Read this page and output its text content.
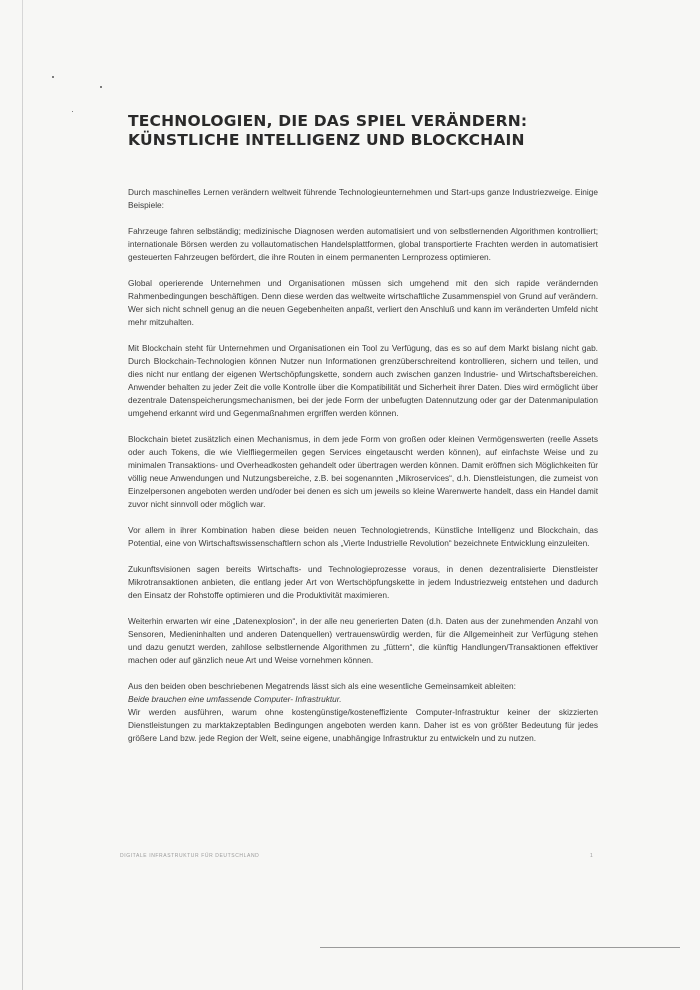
TECHNOLOGIEN, DIE DAS SPIEL VERÄNDERN:
KÜNSTLICHE INTELLIGENZ UND BLOCKCHAIN

Durch maschinelles Lernen verändern weltweit führende Technologieunternehmen und Start-ups ganze Industriezweige. Einige Beispiele:

Fahrzeuge fahren selbständig; medizinische Diagnosen werden automatisiert und von selbstlernenden Algorithmen kontrolliert; internationale Börsen werden zu vollautomatischen Handelsplattformen, global transportierte Frachten werden in automatisiert gesteuerten Fahrzeugen befördert, die ihre Routen in einem permanenten Lernprozess optimieren.

Global operierende Unternehmen und Organisationen müssen sich umgehend mit den sich rapide verändernden Rahmenbedingungen beschäftigen. Denn diese werden das weltweite wirtschaftliche Zusammenspiel von Grund auf verändern. Wer sich nicht schnell genug an die neuen Gegebenheiten anpaßt, verliert den Anschluß und kann im veränderten Umfeld nicht mehr mitzuhalten.

Mit Blockchain steht für Unternehmen und Organisationen ein Tool zu Verfügung, das es so auf dem Markt bislang nicht gab. Durch Blockchain-Technologien können Nutzer nun Informationen grenzüberschreitend kontrollieren, sichern und teilen, und dies nicht nur entlang der eigenen Wertschöpfungskette, sondern auch zwischen ganzen Industrie- und Wirtschaftsbereichen. Anwender behalten zu jeder Zeit die volle Kontrolle über die Kompatibilität und Sicherheit ihrer Daten. Dies wird ermöglicht über dezentrale Datenspeicherungsmechanismen, bei der jede Form der unbefugten Datennutzung oder gar der Datenmanipulation umgehend erkannt wird und Gegenmaßnahmen ergriffen werden können.

Blockchain bietet zusätzlich einen Mechanismus, in dem jede Form von großen oder kleinen Vermögenswerten (reelle Assets oder auch Tokens, die wie Vielfliegermeilen gegen Services eingetauscht werden können), auf einfachste Weise und zu minimalen Transaktions- und Overheadkosten gehandelt oder übertragen werden können. Damit eröffnen sich Möglichkeiten für völlig neue Anwendungen und Nutzungsbereiche, z.B. bei sogenannten „Mikroservices“, d.h. Dienstleistungen, die zumeist von Einzelpersonen angeboten werden und/oder bei denen es sich um jeweils so kleine Warenwerte handelt, dass ein Handel damit zuvor nicht sinnvoll oder möglich war.

Vor allem in ihrer Kombination haben diese beiden neuen Technologietrends, Künstliche Intelligenz und Blockchain, das Potential, eine von Wirtschaftswissenschaftlern schon als „Vierte Industrielle Revolution“ bezeichnete Entwicklung einzuleiten.

Zukunftsvisionen sagen bereits Wirtschafts- und Technologieprozesse voraus, in denen dezentralisierte Dienstleister Mikrotransaktionen anbieten, die entlang jeder Art von Wertschöpfungskette in jedem Industriezweig entstehen und dadurch den Einsatz der Rohstoffe optimieren und die Produktivität maximieren.

Weiterhin erwarten wir eine „Datenexplosion“, in der alle neu generierten Daten (d.h. Daten aus der zunehmenden Anzahl von Sensoren, Medieninhalten und anderen Datenquellen) vertrauenswürdig werden, für die Allgemeinheit zur Verfügung stehen und dazu genutzt werden, zahllose selbstlernende Algorithmen zu „füttern“, die künftig Handlungen/Transaktionen effektiver machen oder auf gänzlich neue Art und Weise vornehmen können.

Aus den beiden oben beschriebenen Megatrends lässt sich als eine wesentliche Gemeinsamkeit ableiten:

Beide brauchen eine umfassende Computer- Infrastruktur.

Wir werden ausführen, warum ohne kostengünstige/kosteneffiziente Computer-Infrastruktur keiner der skizzierten Dienstleistungen zu marktakzeptablen Bedingungen angeboten werden kann. Daher ist es von größter Bedeutung für jedes größere Land bzw. jede Region der Welt, seine eigene, unabhängige Infrastruktur zu entwickeln und zu nutzen.

DIGITALE INFRASTRUKTUR FÜR DEUTSCHLAND	1
